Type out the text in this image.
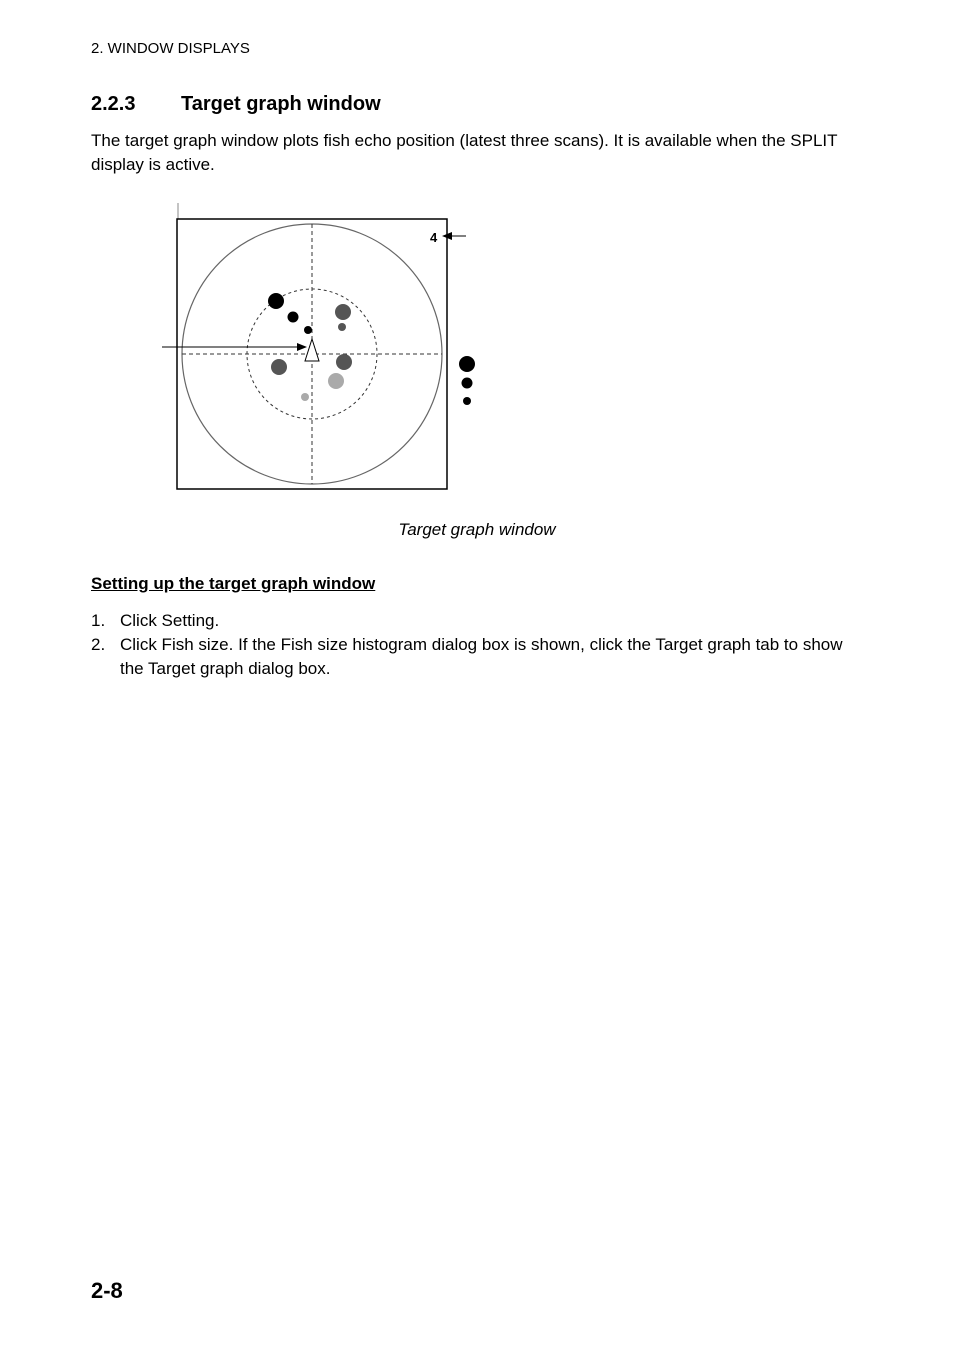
2. WINDOW DISPLAYS
2.2.3 Target graph window

The target graph window plots fish echo position (latest three scans). It is available when the SPLIT display is active.

4
Target graph window
Setting up the target graph window
1. Click Setting.
2. Click Fish size. If the Fish size histogram dialog box is shown, click the Target graph tab to show the Target graph dialog box.
2-8
